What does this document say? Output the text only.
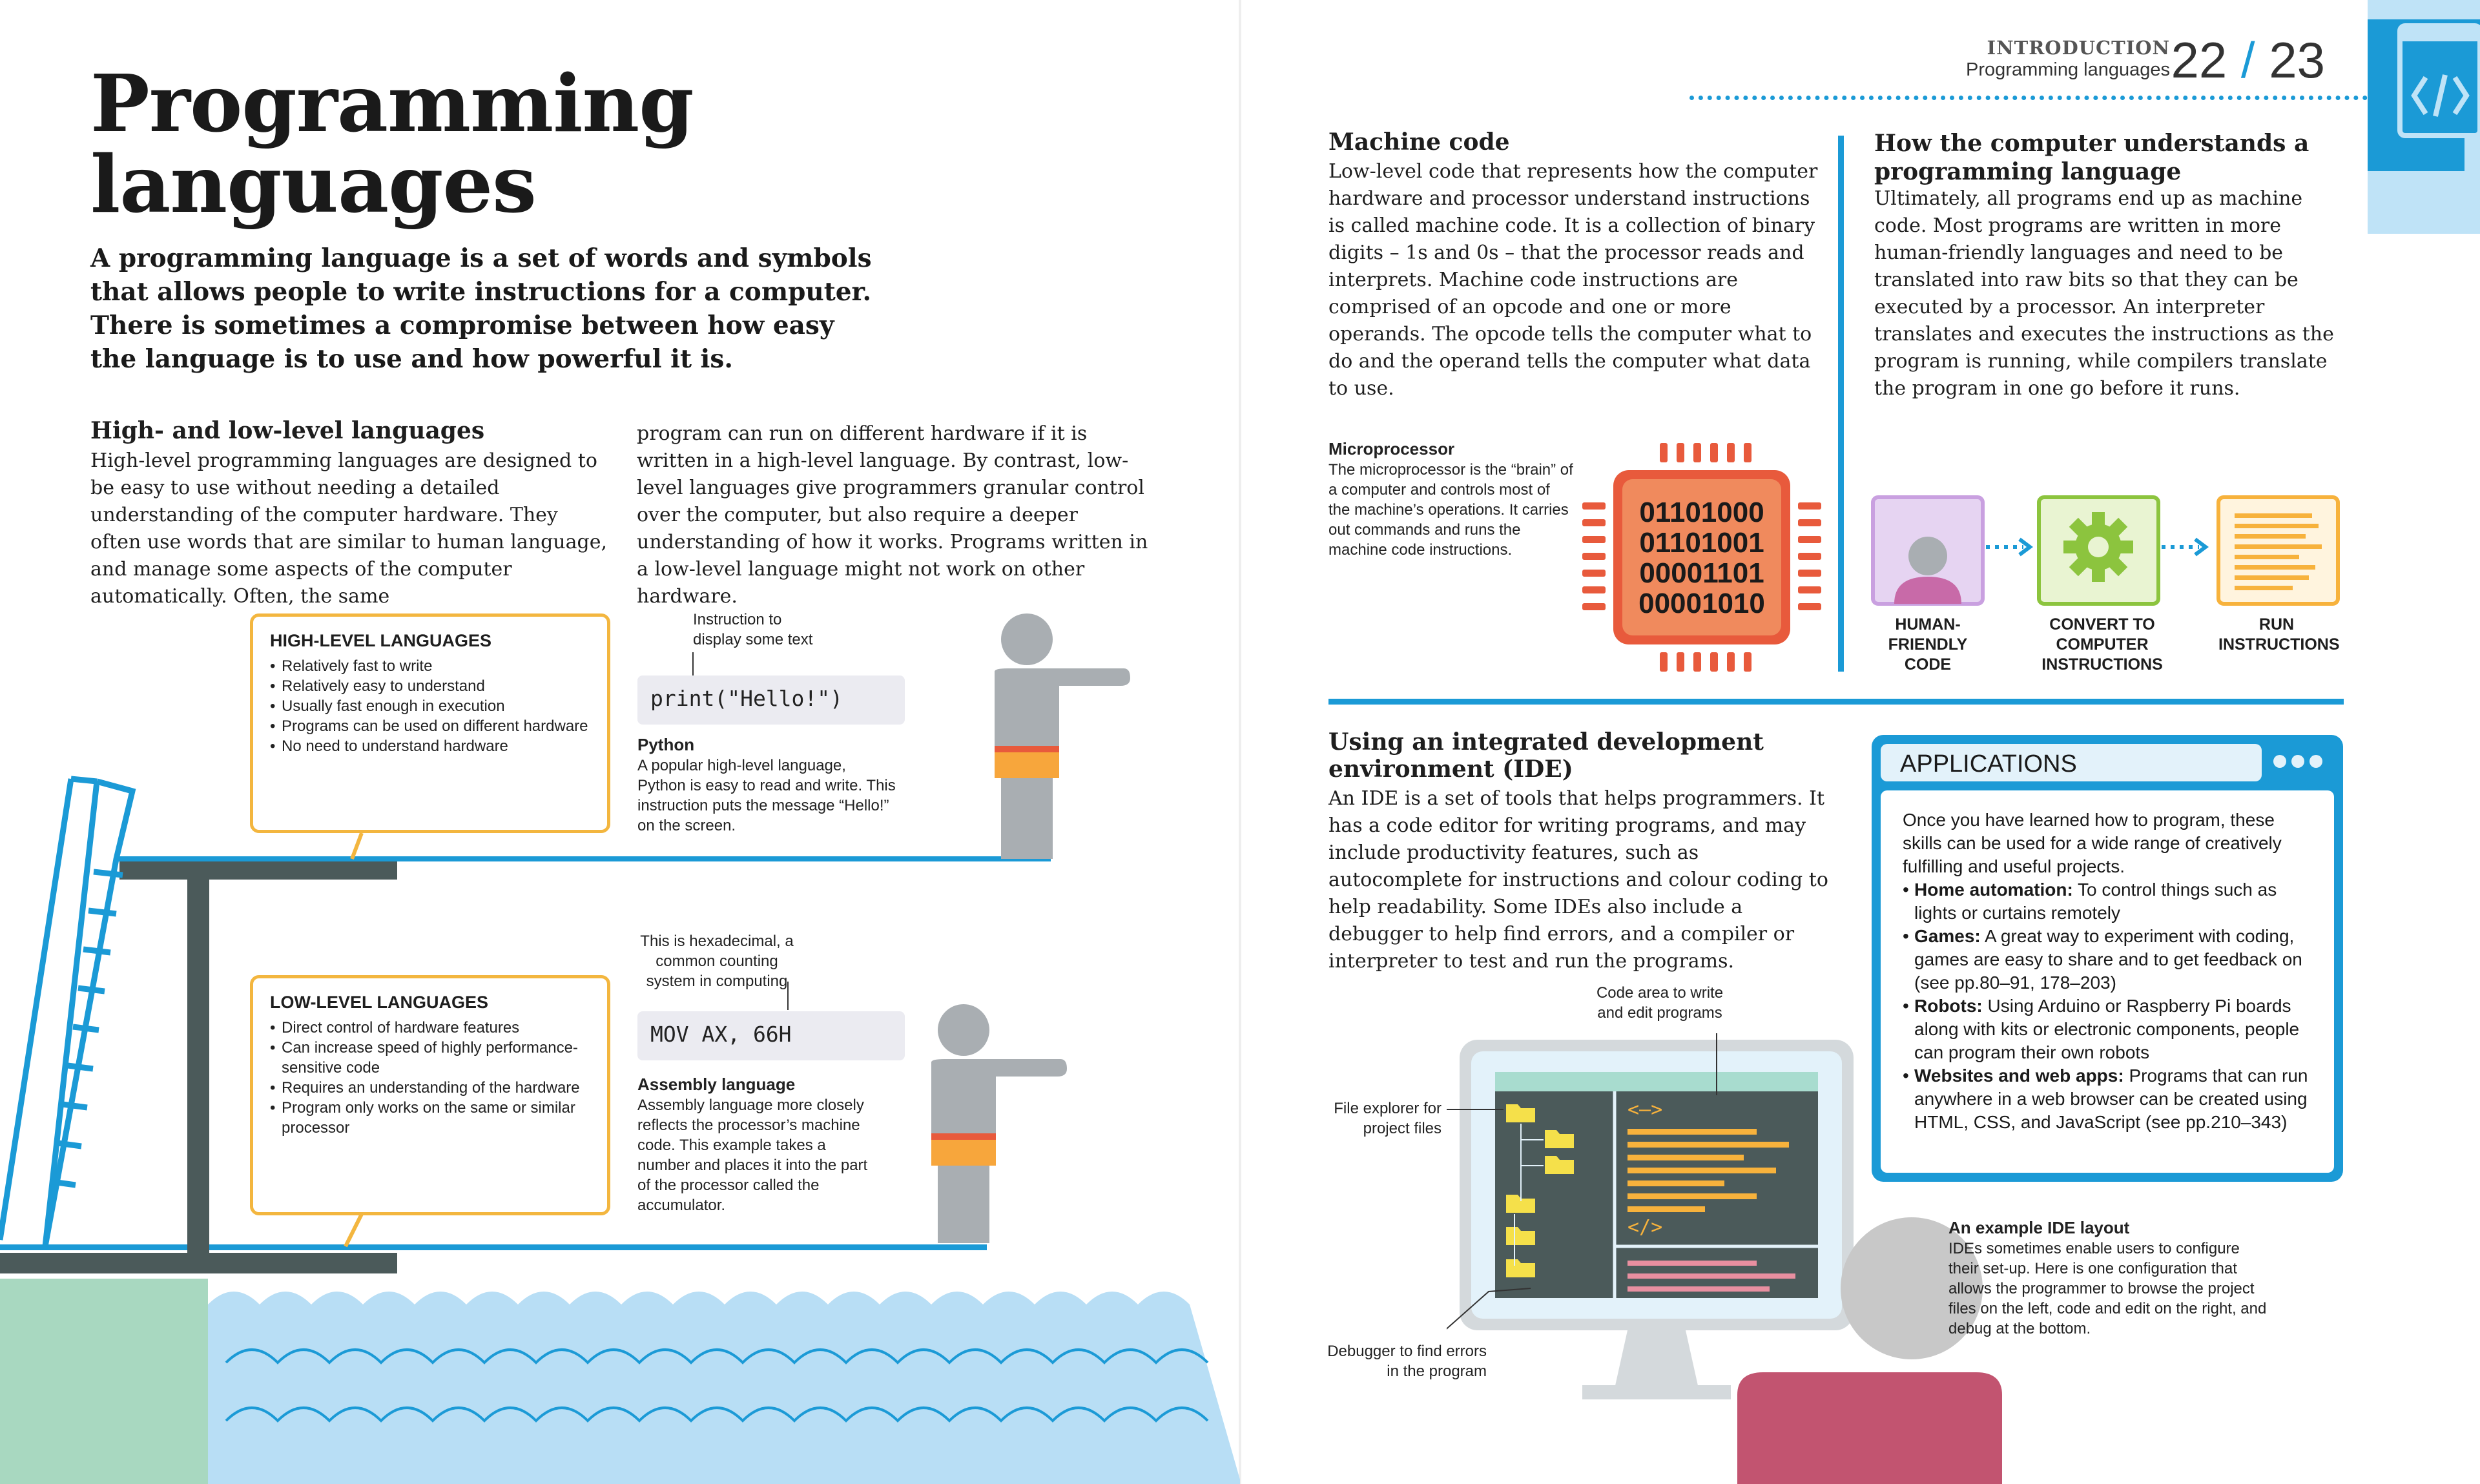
Programming
languages
A programming language is a set of words and symbols that allows people to write instructions for a computer. There is sometimes a compromise between how easy the language is to use and how powerful it is.
High- and low-level languages
High-level programming languages are designed to be easy to use without needing a detailed understanding of the computer hardware. They often use words that are similar to human language, and manage some aspects of the computer automatically. Often, the same
program can run on different hardware if it is written in a high-level language. By contrast, low-level languages give programmers granular control over the computer, but also require a deeper understanding of how it works. Programs written in a low-level language might not work on other hardware.
HIGH-LEVEL LANGUAGES
• Relatively fast to write
• Relatively easy to understand
• Usually fast enough in execution
• Programs can be used on different hardware
• No need to understand hardware
LOW-LEVEL LANGUAGES
• Direct control of hardware features
• Can increase speed of highly performance-sensitive code
• Requires an understanding of the hardware
• Program only works on the same or similar processor
Instruction to display some text
print("Hello!")
Python
A popular high-level language, Python is easy to read and write. This instruction puts the message “Hello!” on the screen.
This is hexadecimal, a common counting system in computing
MOV AX, 66H
Assembly language
Assembly language more closely reflects the processor’s machine code. This example takes a number and places it into the part of the processor called the accumulator.
INTRODUCTION
Programming languages 22 / 23
Machine code
Low-level code that represents how the computer hardware and processor understand instructions is called machine code. It is a collection of binary digits – 1s and 0s – that the processor reads and interprets. Machine code instructions are comprised of an opcode and one or more operands. The opcode tells the computer what to do and the operand tells the computer what data to use.
Microprocessor
The microprocessor is the “brain” of a computer and controls most of the machine’s operations. It carries out commands and runs the machine code instructions.
01101000
01101001
00001101
00001010
How the computer understands a programming language
Ultimately, all programs end up as machine code. Most programs are written in more human-friendly languages and need to be translated into raw bits so that they can be executed by a processor. An interpreter translates and executes the instructions as the program is running, while compilers translate the program in one go before it runs.
HUMAN-FRIENDLY CODE
CONVERT TO COMPUTER INSTRUCTIONS
RUN INSTRUCTIONS
Using an integrated development environment (IDE)
An IDE is a set of tools that helps programmers. It has a code editor for writing programs, and may include productivity features, such as autocomplete for instructions and colour coding to help readability. Some IDEs also include a debugger to help find errors, and a compiler or interpreter to test and run the programs.
<—>
</>
Code area to write and edit programs
File explorer for project files
Debugger to find errors in the program
An example IDE layout
IDEs sometimes enable users to configure their set-up. Here is one configuration that allows the programmer to browse the project files on the left, code and edit on the right, and debug at the bottom.
APPLICATIONS
Once you have learned how to program, these skills can be used for a wide range of creatively fulfilling and useful projects.
• Home automation: To control things such as lights or curtains remotely
• Games: A great way to experiment with coding, games are easy to share and to get feedback on (see pp.80–91, 178–203)
• Robots: Using Arduino or Raspberry Pi boards along with kits or electronic components, people can program their own robots
• Websites and web apps: Programs that can run anywhere in a web browser can be created using HTML, CSS, and JavaScript (see pp.210–343)
